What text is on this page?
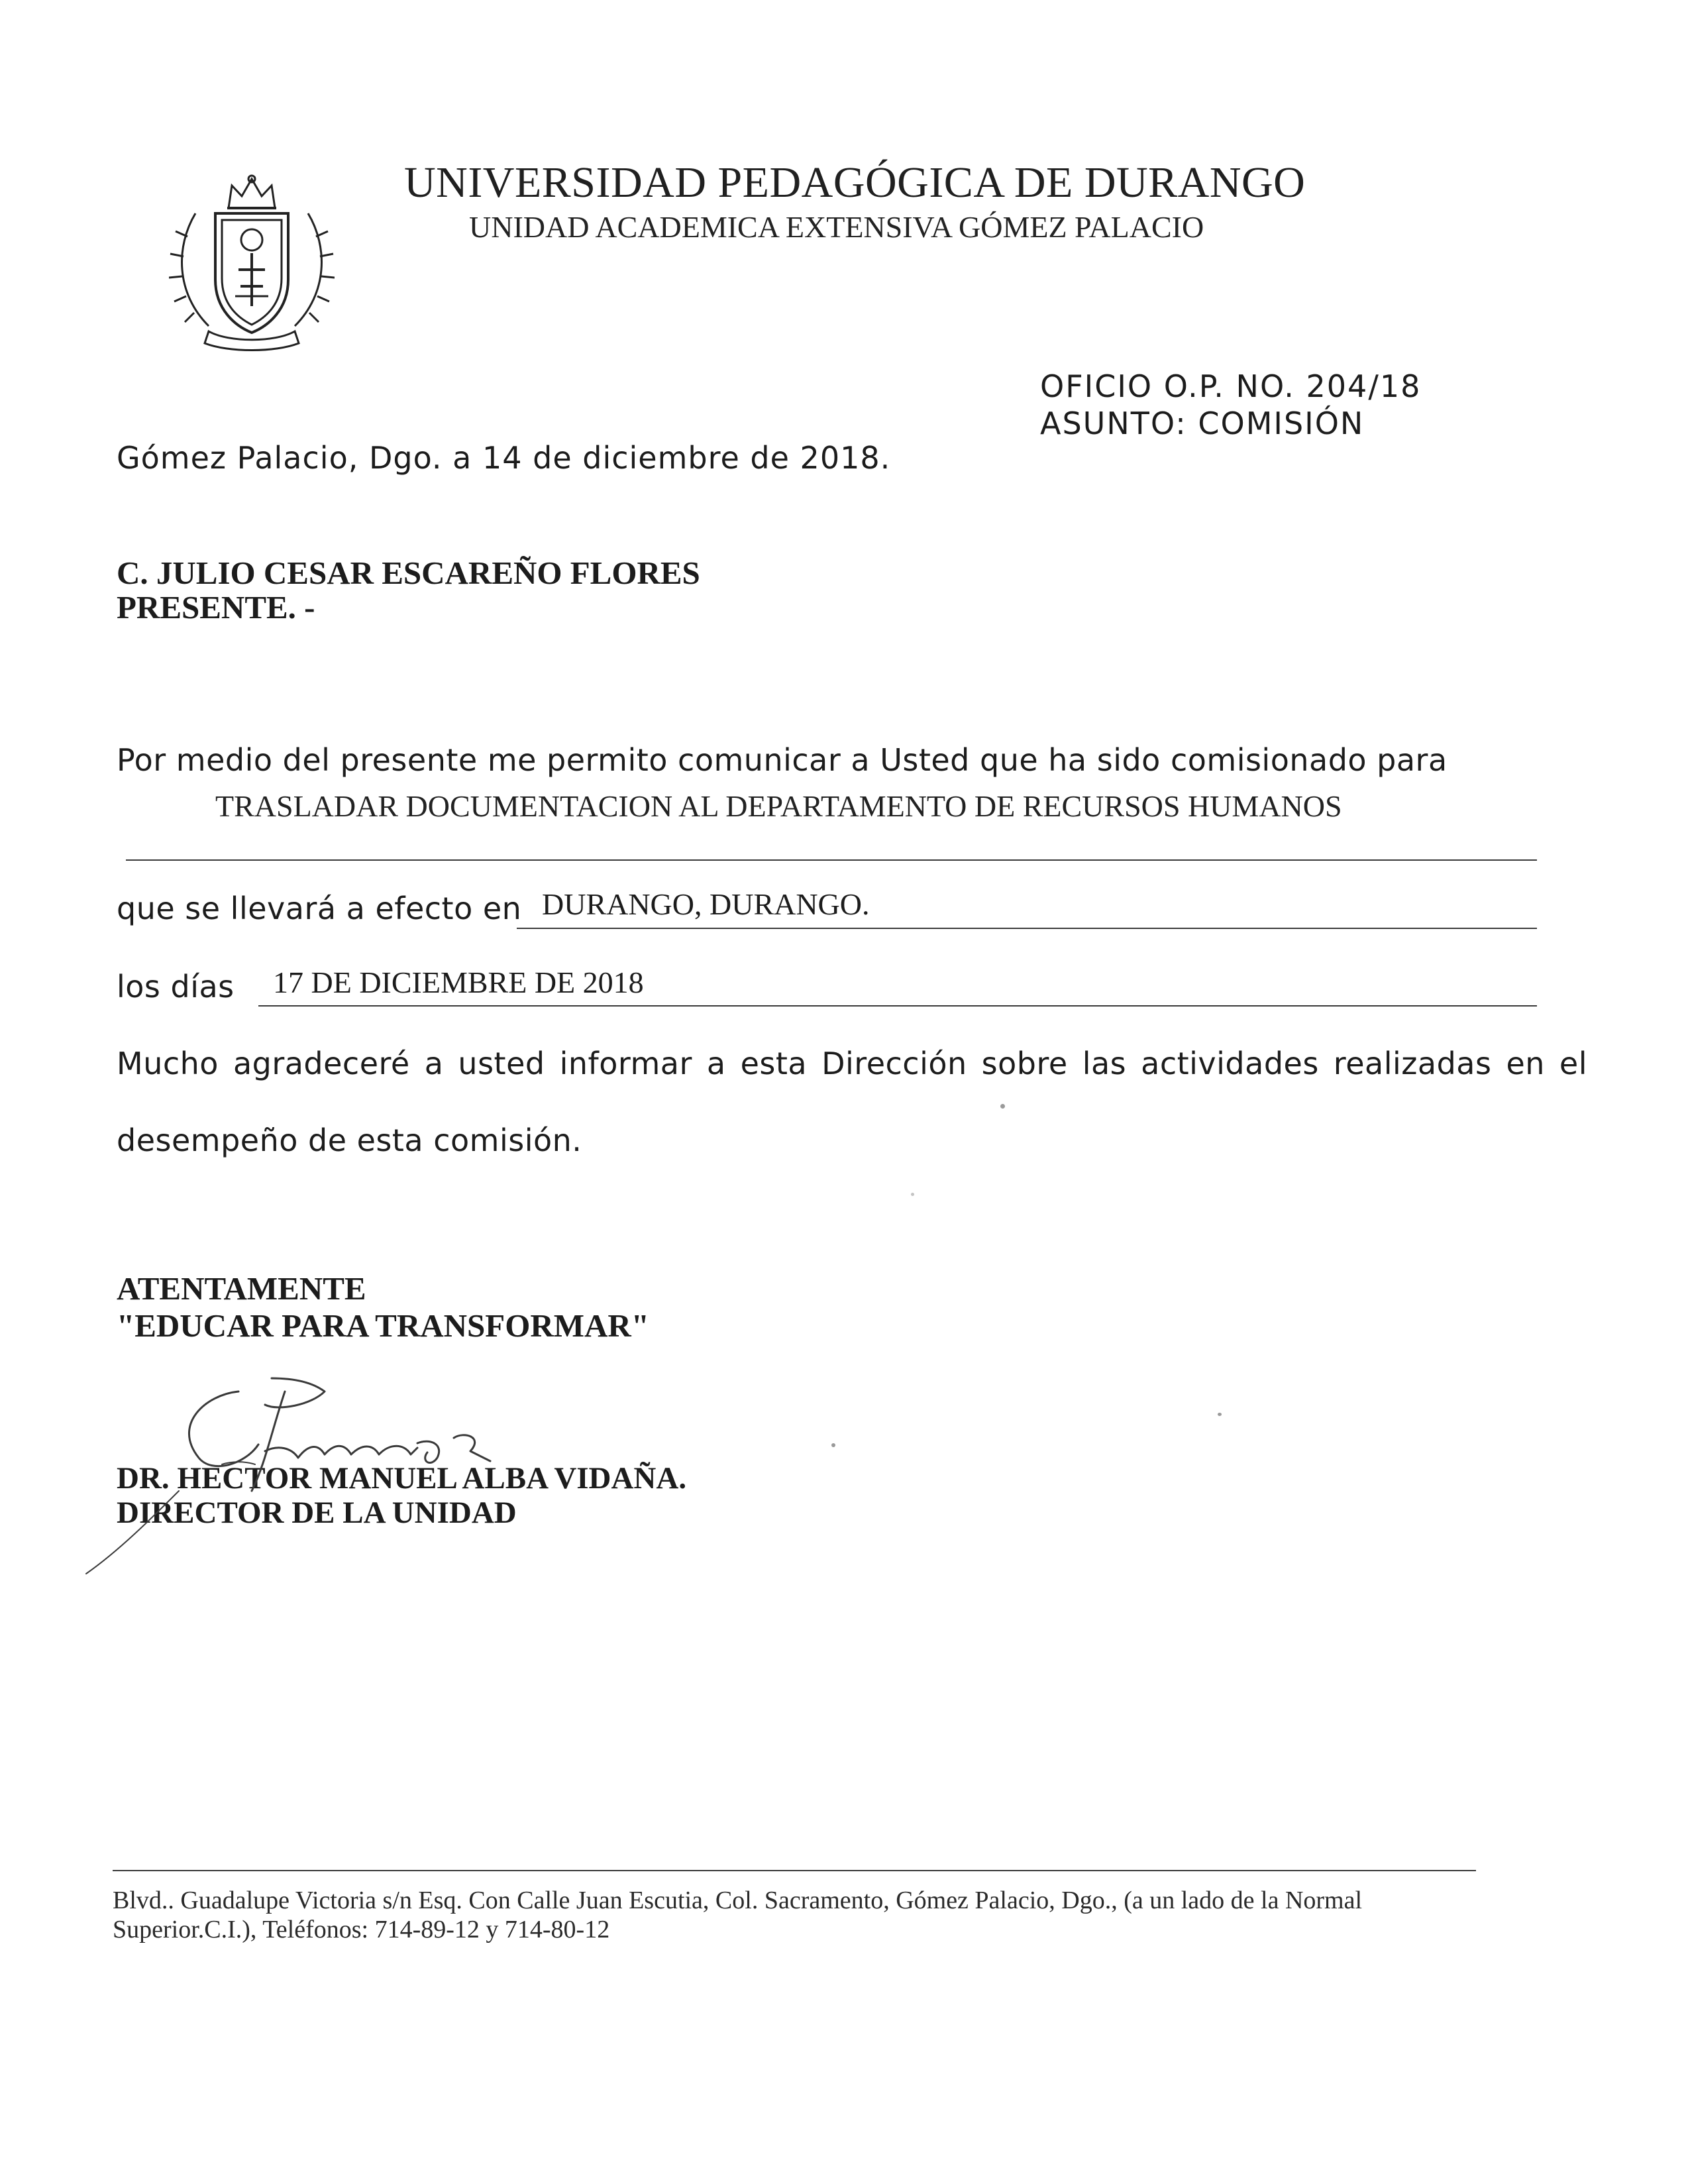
UNIVERSIDAD PEDAGÓGICA DE DURANGO
UNIDAD ACADEMICA EXTENSIVA GÓMEZ PALACIO
OFICIO O.P. NO. 204/18
ASUNTO: COMISIÓN
Gómez Palacio, Dgo. a 14 de diciembre de 2018.
C. JULIO CESAR ESCAREÑO FLORES
PRESENTE. -
Por medio del presente me permito comunicar a Usted que ha sido comisionado para
TRASLADAR DOCUMENTACION AL DEPARTAMENTO DE RECURSOS HUMANOS
que se llevará a efecto en DURANGO, DURANGO.
los días 17 DE DICIEMBRE DE 2018
Mucho agradeceré a usted informar a esta Dirección sobre las actividades realizadas en el
desempeño de esta comisión.
ATENTAMENTE
"EDUCAR PARA TRANSFORMAR"
DR. HECTOR MANUEL ALBA VIDAÑA.
DIRECTOR DE LA UNIDAD
Blvd.. Guadalupe Victoria s/n Esq. Con Calle Juan Escutia, Col. Sacramento, Gómez Palacio, Dgo., (a un lado de la Normal
Superior.C.I.), Teléfonos: 714-89-12 y 714-80-12
